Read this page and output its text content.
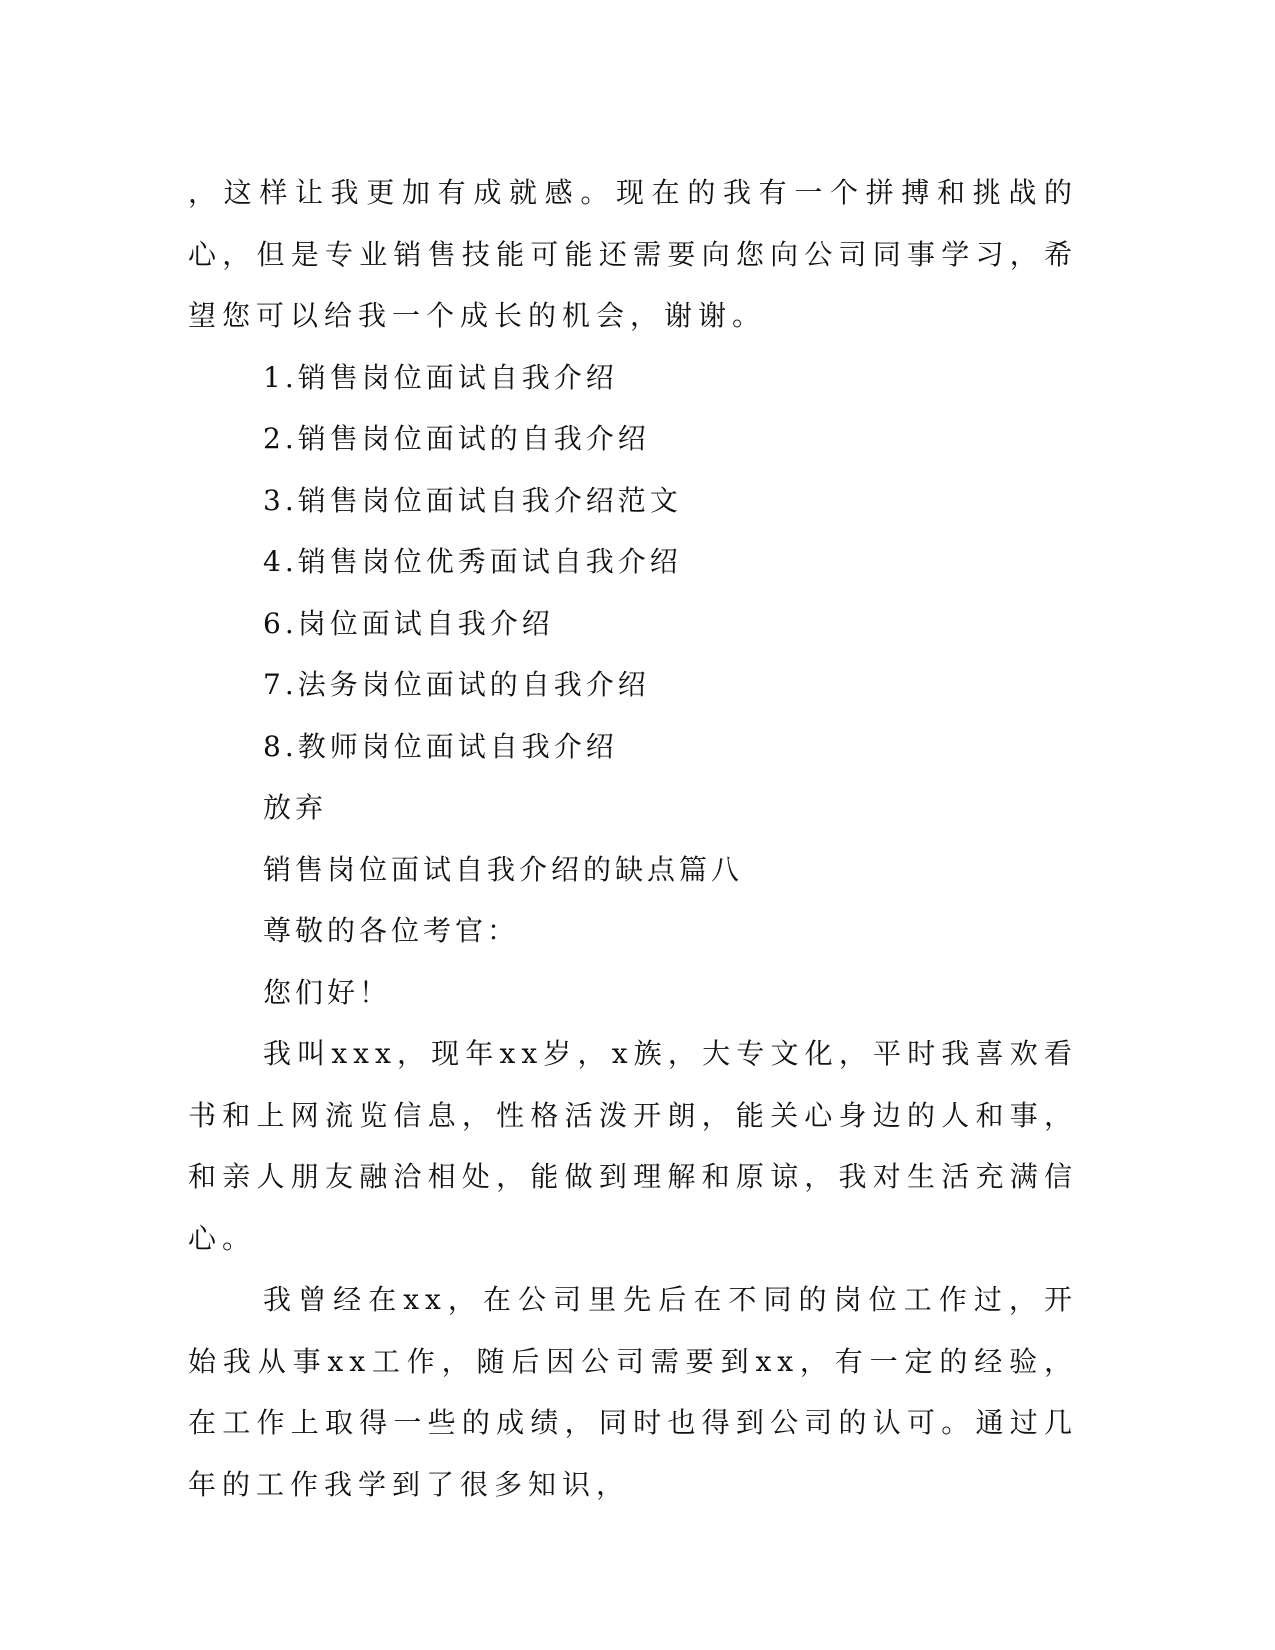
，这样让我更加有成就感。现在的我有一个拼搏和挑战的心，但是专业销售技能可能还需要向您向公司同事学习，希望您可以给我一个成长的机会，谢谢。

1.销售岗位面试自我介绍

2.销售岗位面试的自我介绍

3.销售岗位面试自我介绍范文

4.销售岗位优秀面试自我介绍

6.岗位面试自我介绍

7.法务岗位面试的自我介绍

8.教师岗位面试自我介绍

放弃

销售岗位面试自我介绍的缺点篇八

尊敬的各位考官：

您们好！

我叫xxx，现年xx岁，x族，大专文化，平时我喜欢看书和上网流览信息，性格活泼开朗，能关心身边的人和事，和亲人朋友融洽相处，能做到理解和原谅，我对生活充满信心。

我曾经在xx，在公司里先后在不同的岗位工作过，开始我从事xx工作，随后因公司需要到xx，有一定的经验，在工作上取得一些的成绩，同时也得到公司的认可。通过几年的工作我学到了很多知识，
